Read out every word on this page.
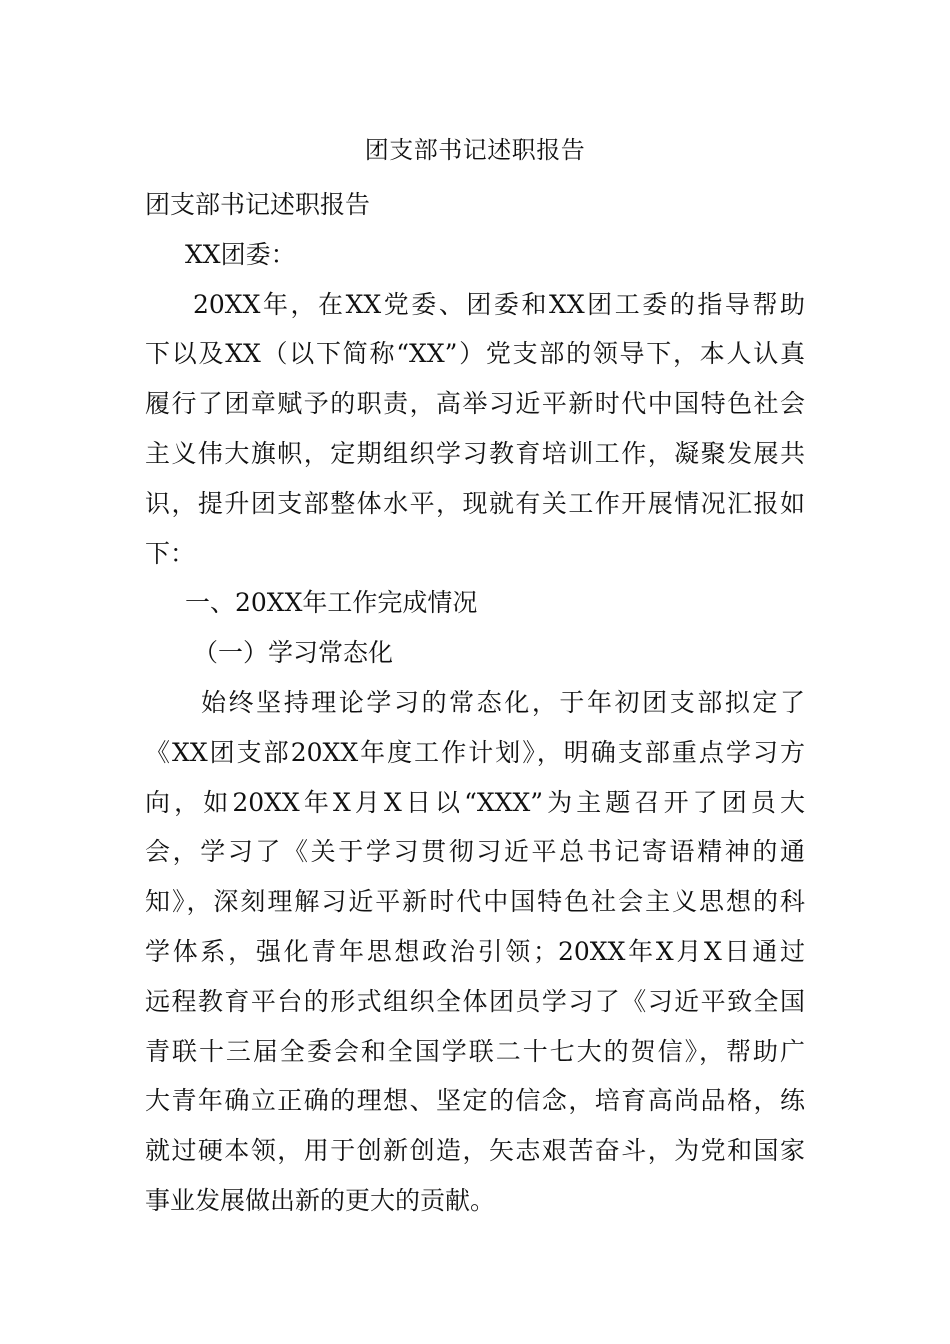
团支部书记述职报告
团支部书记述职报告
XX团委：
20XX年，在XX党委、团委和XX团工委的指导帮助
下以及XX（以下简称“XX”）党支部的领导下，本人认真
履行了团章赋予的职责，高举习近平新时代中国特色社会
主义伟大旗帜，定期组织学习教育培训工作，凝聚发展共
识，提升团支部整体水平，现就有关工作开展情况汇报如
下：
一、20XX年工作完成情况
（一）学习常态化
始终坚持理论学习的常态化，于年初团支部拟定了
《XX团支部20XX年度工作计划》，明确支部重点学习方
向，如20XX年X月X日以“XXX”为主题召开了团员大
会，学习了《关于学习贯彻习近平总书记寄语精神的通
知》，深刻理解习近平新时代中国特色社会主义思想的科
学体系，强化青年思想政治引领；20XX年X月X日通过
远程教育平台的形式组织全体团员学习了《习近平致全国
青联十三届全委会和全国学联二十七大的贺信》，帮助广
大青年确立正确的理想、坚定的信念，培育高尚品格，练
就过硬本领，用于创新创造，矢志艰苦奋斗，为党和国家
事业发展做出新的更大的贡献。
